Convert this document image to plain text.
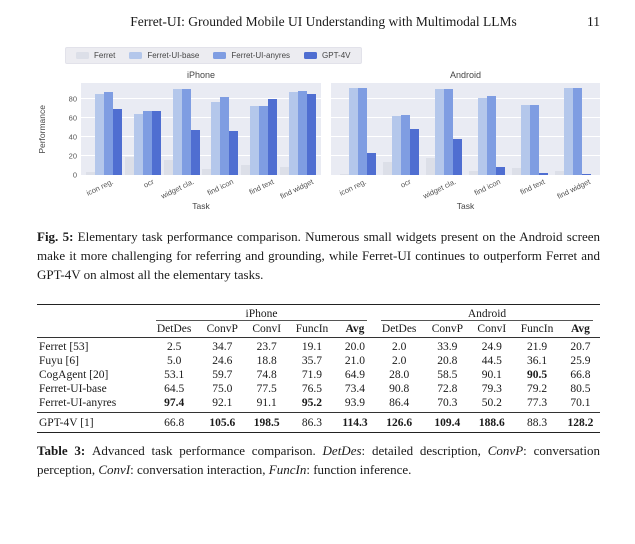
Ferret-UI: Grounded Mobile UI Understanding with Multimodal LLMs	11
Ferret	Ferret-UI-base	Ferret-UI-anyres	GPT-4V
Performance
0
20
40
60
80
iPhone
icon reg.	ocr widget cla. find icon find text find widget
Task
Android
icon reg.	ocr widget cla. find icon find text find widget
Task

Fig. 5: Elementary task performance comparison. Numerous small widgets present on the Android screen make it more challenging for referring and grounding, while Ferret-UI continues to outperform Ferret and GPT-4V on almost all the elementary tasks.

	iPhone					Android				
	DetDes	ConvP	ConvI	FuncIn	Avg	DetDes	ConvP	ConvI	FuncIn	Avg
Ferret [53]	2.5	34.7	23.7	19.1	20.0	2.0	33.9	24.9	21.9	20.7
Fuyu [6]	5.0	24.6	18.8	35.7	21.0	2.0	20.8	44.5	36.1	25.9
CogAgent [20]	53.1	59.7	74.8	71.9	64.9	28.0	58.5	90.1	90.5	66.8
Ferret-UI-base	64.5	75.0	77.5	76.5	73.4	90.8	72.8	79.3	79.2	80.5
Ferret-UI-anyres	97.4	92.1	91.1	95.2	93.9	86.4	70.3	50.2	77.3	70.1
GPT-4V [1]	66.8	105.6	198.5	86.3	114.3	126.6	109.4	188.6	88.3	128.2

Table 3: Advanced task performance comparison. DetDes: detailed description, ConvP: conversation perception, ConvI: conversation interaction, FuncIn: function inference.
